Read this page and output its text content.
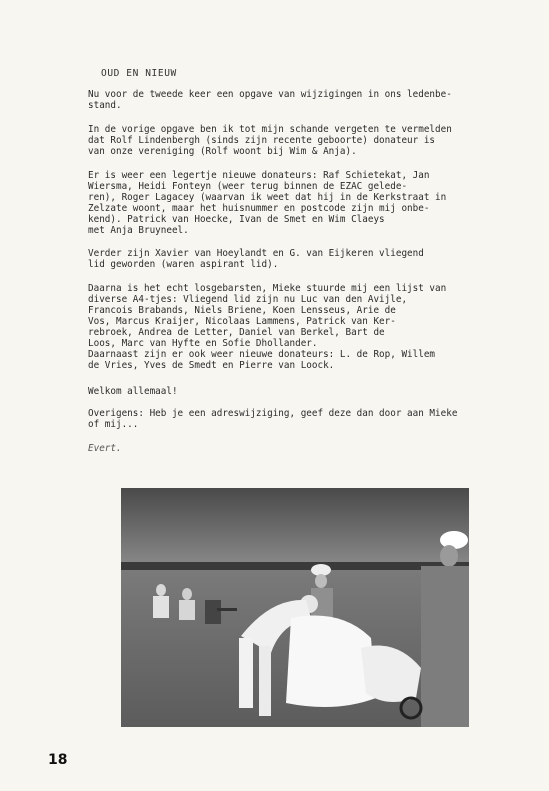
OUD EN NIEUW
Nu voor de tweede keer een opgave van wijzigingen in ons ledenbe-
stand.
In de vorige opgave ben ik tot mijn schande vergeten te vermelden
dat Rolf Lindenbergh (sinds zijn recente geboorte) donateur is
van onze vereniging (Rolf woont bij Wim & Anja).
Er is weer een legertje nieuwe donateurs: Raf Schietekat, Jan
Wiersma, Heidi Fonteyn (weer terug binnen de EZAC gelede-
ren), Roger Lagacey (waarvan ik weet dat hij in de Kerkstraat in
Zelzate woont, maar het huisnummer en postcode zijn mij onbe-
kend). Patrick van Hoecke, Ivan de Smet en Wim Claeys
met Anja Bruyneel.
Verder zijn Xavier van Hoeylandt en G. van Eijkeren vliegend
lid geworden (waren aspirant lid).
Daarna is het echt losgebarsten, Mieke stuurde mij een lijst van
diverse A4-tjes: Vliegend lid zijn nu Luc van den Avijle,
Francois Brabands, Niels Briene, Koen Lensseus, Arie de
Vos, Marcus Kraijer, Nicolaas Lammens, Patrick van Ker-
rebroek, Andrea de Letter, Daniel van Berkel, Bart de
Loos, Marc van Hyfte en Sofie Dhollander.
Daarnaast zijn er ook weer nieuwe donateurs: L. de Rop, Willem
de Vries, Yves de Smedt en Pierre van Loock.
Welkom allemaal!
Overigens: Heb je een adreswijziging, geef deze dan door aan Mieke
of mij...
Evert.
18
